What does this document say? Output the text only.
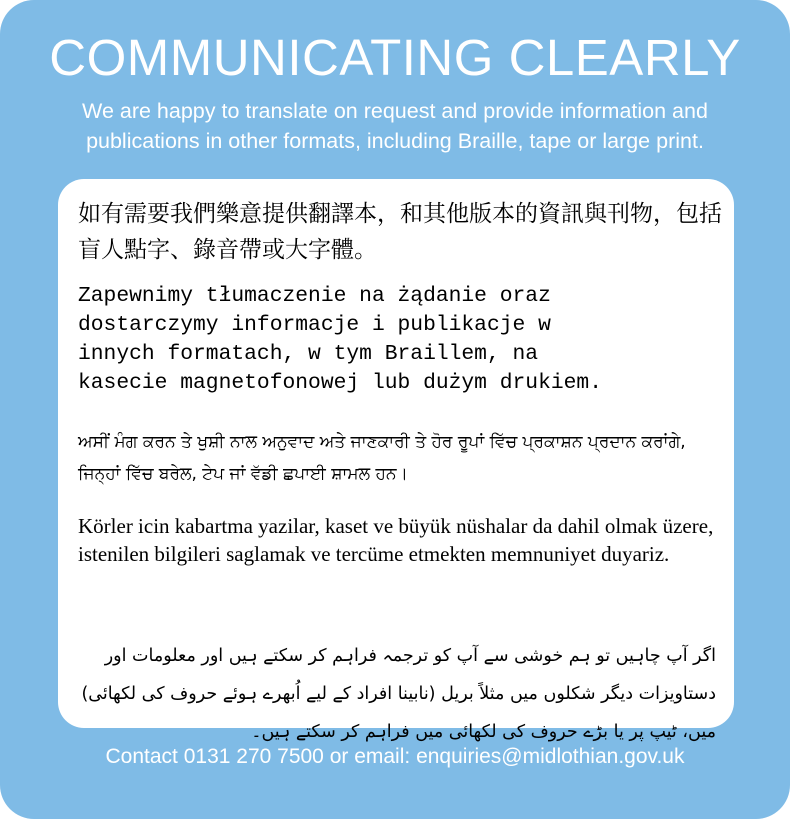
COMMUNICATING CLEARLY
We are happy to translate on request and provide information and publications in other formats, including Braille, tape or large print.
如有需要我們樂意提供翻譯本，和其他版本的資訊與刊物，包括盲人點字、錄音帶或大字體。
Zapewnimy tłumaczenie na żądanie oraz
dostarczymy informacje i publikacje w
innych formatach, w tym Braillem, na
kasecie magnetofonowej lub dużym drukiem.
ਅਸੀਂ ਮੰਗ ਕਰਨ ਤੇ ਖੁਸ਼ੀ ਨਾਲ ਅਨੁਵਾਦ ਅਤੇ ਜਾਣਕਾਰੀ ਤੇ ਹੋਰ ਰੂਪਾਂ ਵਿੱਚ ਪ੍ਰਕਾਸ਼ਨ ਪ੍ਰਦਾਨ ਕਰਾਂਗੇ, ਜਿਨ੍ਹਾਂ ਵਿੱਚ ਬਰੇਲ, ਟੇਪ ਜਾਂ ਵੱਡੀ ਛਪਾਈ ਸ਼ਾਮਲ ਹਨ।
Körler icin kabartma yazilar, kaset ve büyük nüshalar da dahil olmak üzere, istenilen bilgileri saglamak ve tercüme etmekten memnuniyet duyariz.
اگر آپ چاہیں تو ہم خوشی سے آپ کو ترجمہ فراہم کر سکتے ہیں اور معلومات اور دستاویزات دیگر شکلوں میں مثلاً بریل (نابینا افراد کے لیے اُبھرے ہوئے حروف کی لکھائی) میں، ٹیپ پر یا بڑے حروف کی لکھائی میں فراہم کر سکتے ہیں۔
Contact 0131 270 7500 or email: enquiries@midlothian.gov.uk
